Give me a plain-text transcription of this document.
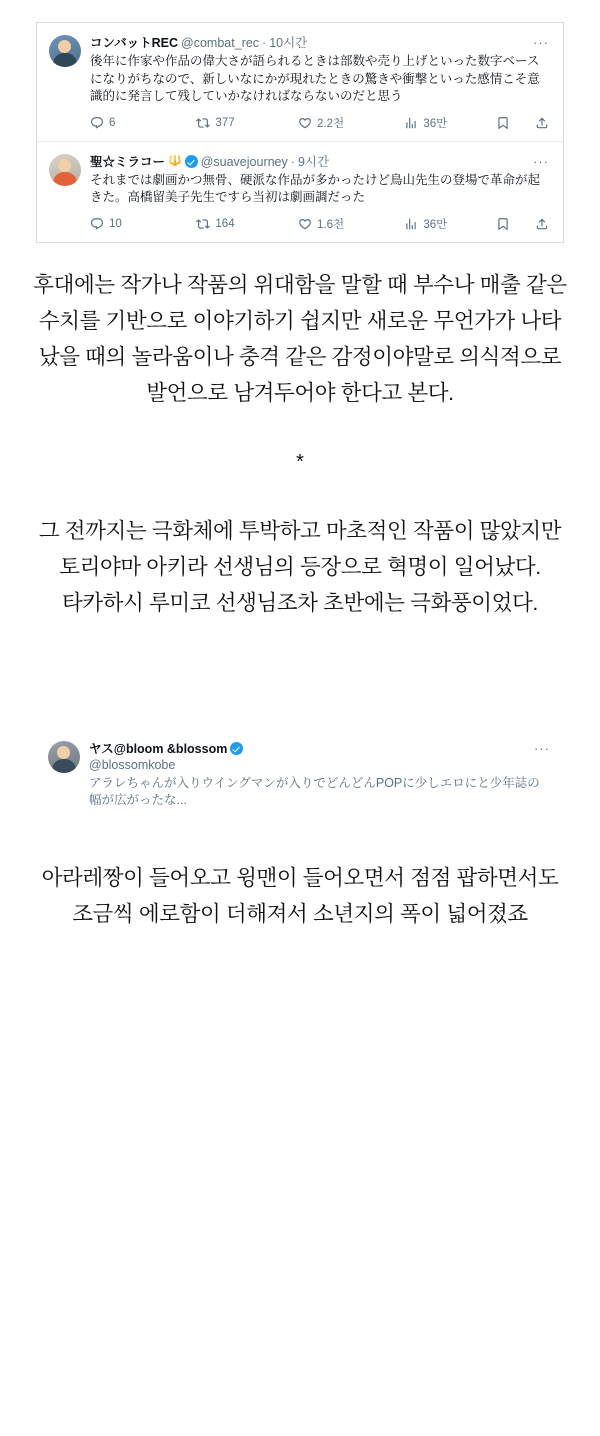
コンバットREC @combat_rec · 10시간	···
後年に作家や作品の偉大さが語られるときは部数や売り上げといった数字ベースになりがちなので、新しいなにかが現れたときの驚きや衝撃といった感情こそ意識的に発言して残していかなければならないのだと思う
6	377	2.2천	36만
聖☆ミラコー 🔱 @suavejourney · 9시간	···
それまでは劇画かつ無骨、硬派な作品が多かったけど鳥山先生の登場で革命が起きた。高橋留美子先生ですら当初は劇画調だった
10	164	1.6천	36만

후대에는 작가나 작품의 위대함을 말할 때 부수나 매출 같은 수치를 기반으로 이야기하기 쉽지만 새로운 무언가가 나타났을 때의 놀라움이나 충격 같은 감정이야말로 의식적으로 발언으로 남겨두어야 한다고 본다.

*

그 전까지는 극화체에 투박하고 마초적인 작품이 많았지만

토리야마 아키라 선생님의 등장으로 혁명이 일어났다.

타카하시 루미코 선생님조차 초반에는 극화풍이었다.

ヤス@bloom &blossom	···
@blossomkobe
アラレちゃんが入りウイングマンが入りでどんどんPOPに少しエロにと少年誌の幅が広がったな...

아라레짱이 들어오고 윙맨이 들어오면서 점점 팝하면서도 조금씩 에로함이 더해져서 소년지의 폭이 넓어졌죠
